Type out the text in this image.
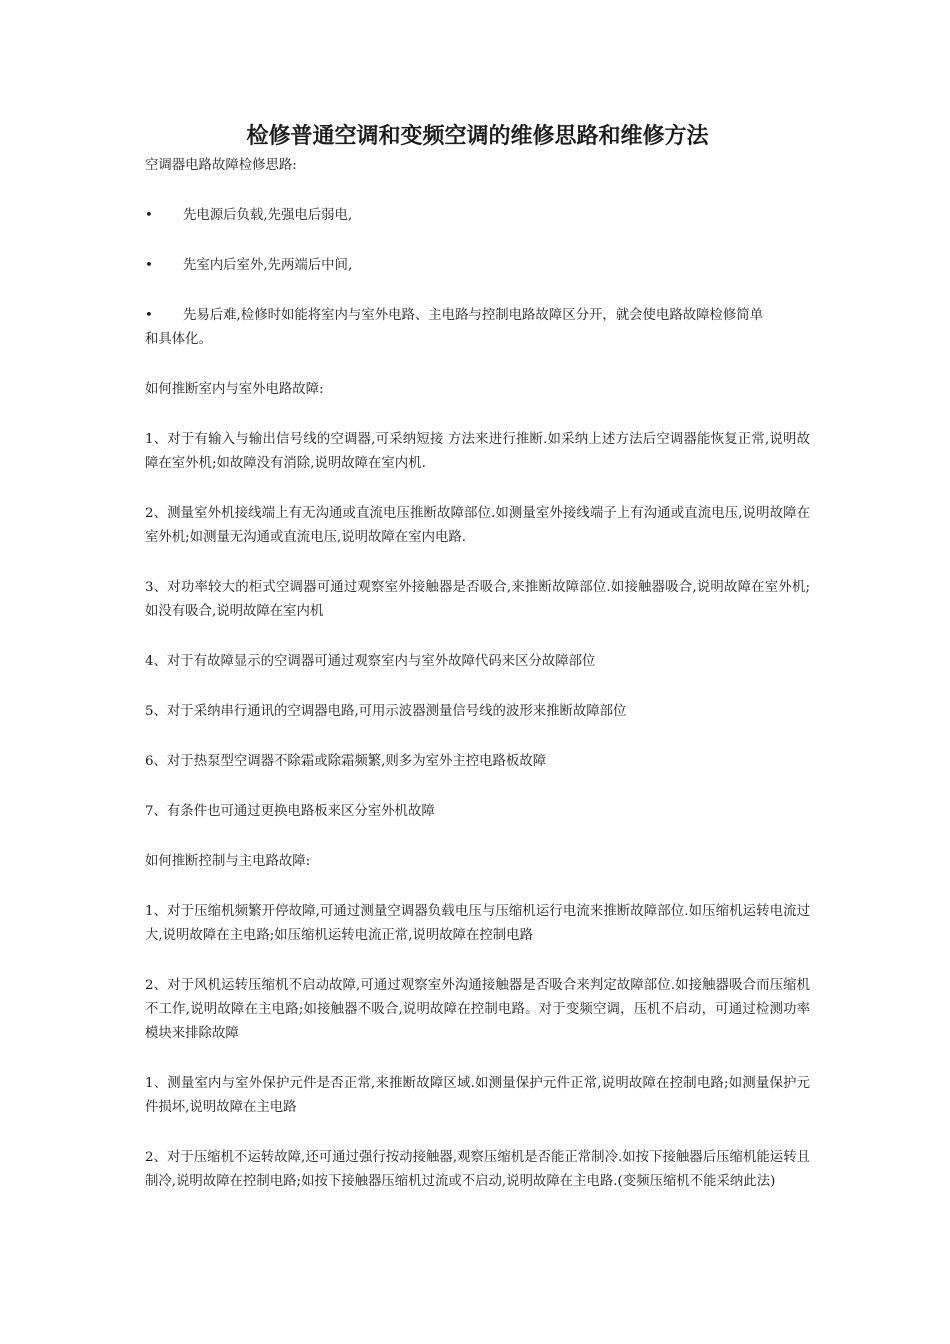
检修普通空调和变频空调的维修思路和维修方法

空调器电路故障检修思路:

•	先电源后负载,先强电后弱电,
•	先室内后室外,先两端后中间,
•	先易后难,检修时如能将室内与室外电路、主电路与控制电路故障区分开，就会使电路故障检修简单

和具体化。

如何推断室内与室外电路故障:

1、对于有输入与输出信号线的空调器,可采纳短接 方法来进行推断.如采纳上述方法后空调器能恢复正常,说明故障在室外机;如故障没有消除,说明故障在室内机.

2、测量室外机接线端上有无沟通或直流电压推断故障部位.如测量室外接线端子上有沟通或直流电压,说明故障在室外机;如测量无沟通或直流电压,说明故障在室内电路.

3、对功率较大的柜式空调器可通过观察室外接触器是否吸合,来推断故障部位.如接触器吸合,说明故障在室外机;如没有吸合,说明故障在室内机

4、对于有故障显示的空调器可通过观察室内与室外故障代码来区分故障部位

5、对于采纳串行通讯的空调器电路,可用示波器测量信号线的波形来推断故障部位

6、对于热泵型空调器不除霜或除霜频繁,则多为室外主控电路板故障

7、有条件也可通过更换电路板来区分室外机故障

如何推断控制与主电路故障:

1、对于压缩机频繁开停故障,可通过测量空调器负载电压与压缩机运行电流来推断故障部位.如压缩机运转电流过大,说明故障在主电路;如压缩机运转电流正常,说明故障在控制电路

2、对于风机运转压缩机不启动故障,可通过观察室外沟通接触器是否吸合来判定故障部位.如接触器吸合而压缩机不工作,说明故障在主电路;如接触器不吸合,说明故障在控制电路。对于变频空调，压机不启动，可通过检测功率模块来排除故障

1、测量室内与室外保护元件是否正常,来推断故障区域.如测量保护元件正常,说明故障在控制电路;如测量保护元件损坏,说明故障在主电路

2、对于压缩机不运转故障,还可通过强行按动接触器,观察压缩机是否能正常制冷.如按下接触器后压缩机能运转且制冷,说明故障在控制电路;如按下接触器压缩机过流或不启动,说明故障在主电路.(变频压缩机不能采纳此法)
